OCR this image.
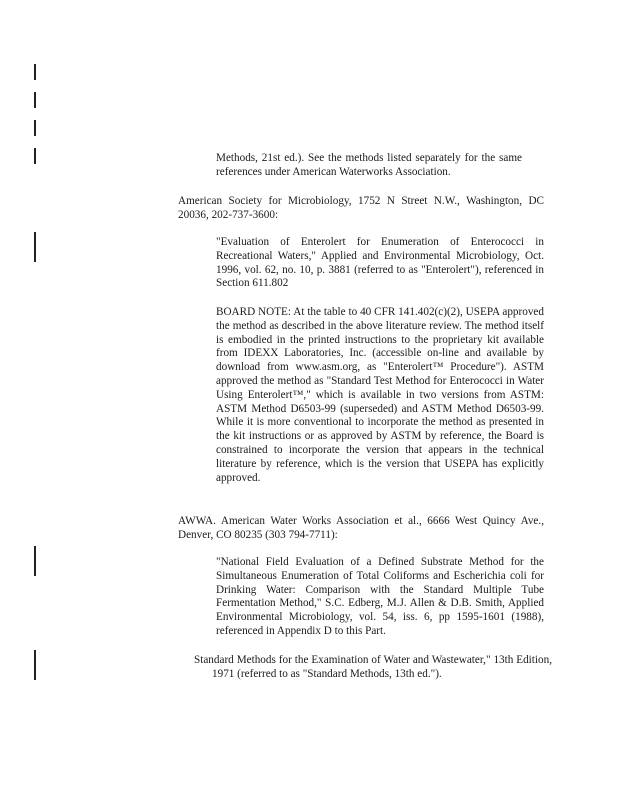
Methods, 21st ed.). See the methods listed separately for the same references under American Waterworks Association.

American Society for Microbiology, 1752 N Street N.W., Washington, DC 20036, 202-737-3600:

"Evaluation of Enterolert for Enumeration of Enterococci in Recreational Waters," Applied and Environmental Microbiology, Oct. 1996, vol. 62, no. 10, p. 3881 (referred to as "Enterolert"), referenced in Section 611.802

BOARD NOTE: At the table to 40 CFR 141.402(c)(2), USEPA approved the method as described in the above literature review. The method itself is embodied in the printed instructions to the proprietary kit available from IDEXX Laboratories, Inc. (accessible on-line and available by download from www.asm.org, as "Enterolert™ Procedure"). ASTM approved the method as "Standard Test Method for Enterococci in Water Using Enterolert™," which is available in two versions from ASTM: ASTM Method D6503-99 (superseded) and ASTM Method D6503-99. While it is more conventional to incorporate the method as presented in the kit instructions or as approved by ASTM by reference, the Board is constrained to incorporate the version that appears in the technical literature by reference, which is the version that USEPA has explicitly approved.

AWWA. American Water Works Association et al., 6666 West Quincy Ave., Denver, CO 80235 (303 794-7711):

"National Field Evaluation of a Defined Substrate Method for the Simultaneous Enumeration of Total Coliforms and Escherichia coli for Drinking Water: Comparison with the Standard Multiple Tube Fermentation Method," S.C. Edberg, M.J. Allen & D.B. Smith, Applied Environmental Microbiology, vol. 54, iss. 6, pp 1595-1601 (1988), referenced in Appendix D to this Part.

Standard Methods for the Examination of Water and Wastewater," 13th Edition, 1971 (referred to as "Standard Methods, 13th ed.").
